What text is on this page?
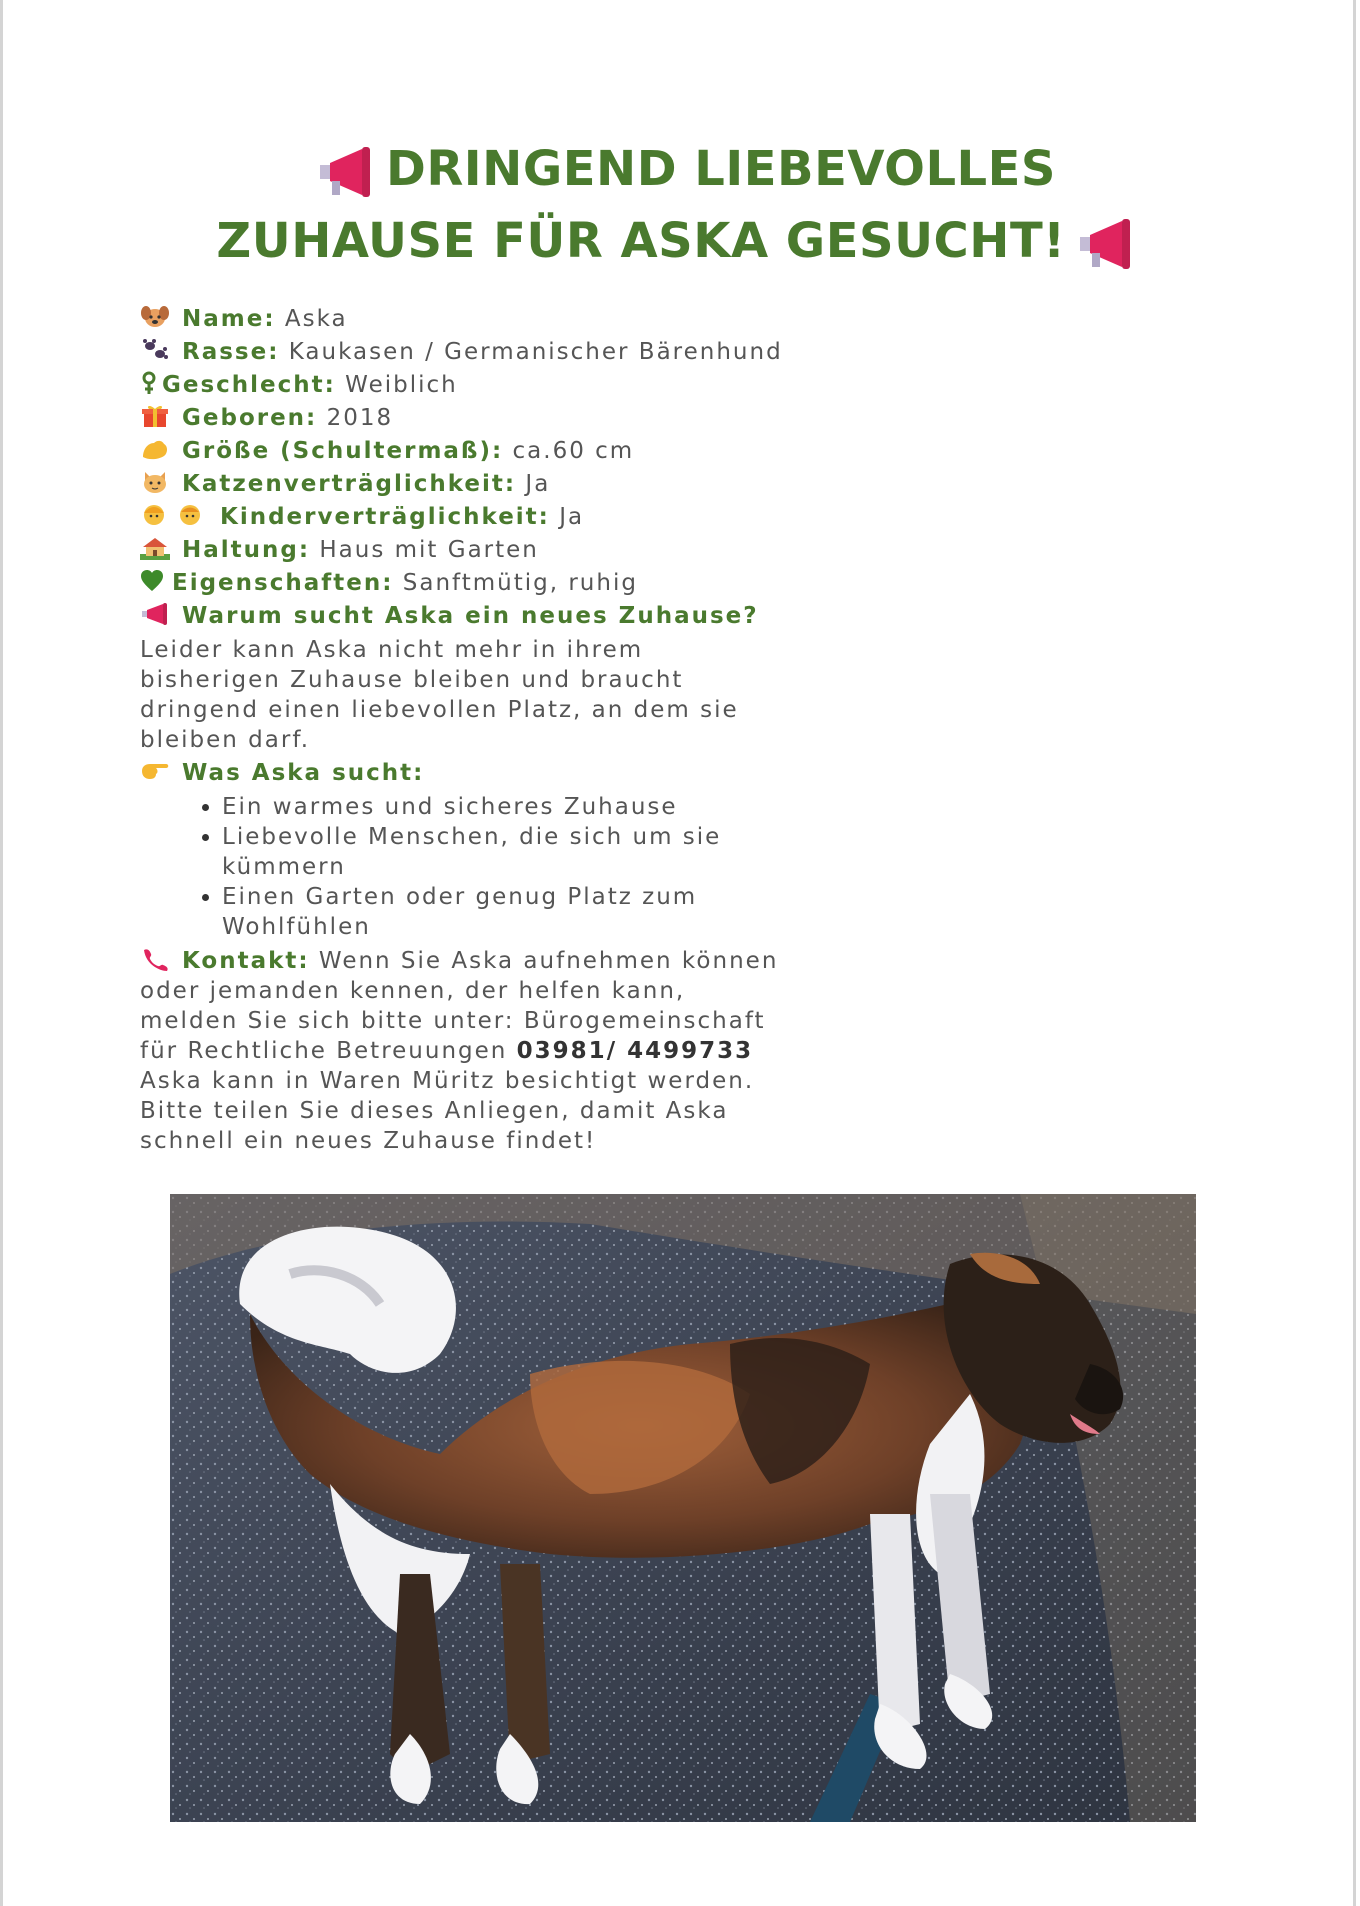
DRINGEND LIEBEVOLLES
ZUHAUSE FÜR ASKA GESUCHT!
Name: Aska
Rasse: Kaukasen / Germanischer Bärenhund
Geschlecht: Weiblich
Geboren: 2018
Größe (Schultermaß): ca.60 cm
Katzenverträglichkeit: Ja
Kinderverträglichkeit: Ja
Haltung: Haus mit Garten
Eigenschaften: Sanftmütig, ruhig
Warum sucht Aska ein neues Zuhause?
Leider kann Aska nicht mehr in ihrem
bisherigen Zuhause bleiben und braucht
dringend einen liebevollen Platz, an dem sie
bleiben darf.
Was Aska sucht:
• Ein warmes und sicheres Zuhause
• Liebevolle Menschen, die sich um sie
kümmern
• Einen Garten oder genug Platz zum
Wohlfühlen
Kontakt: Wenn Sie Aska aufnehmen können
oder jemanden kennen, der helfen kann,
melden Sie sich bitte unter: Bürogemeinschaft
für Rechtliche Betreuungen 03981/ 4499733
Aska kann in Waren Müritz besichtigt werden.
Bitte teilen Sie dieses Anliegen, damit Aska
schnell ein neues Zuhause findet!
